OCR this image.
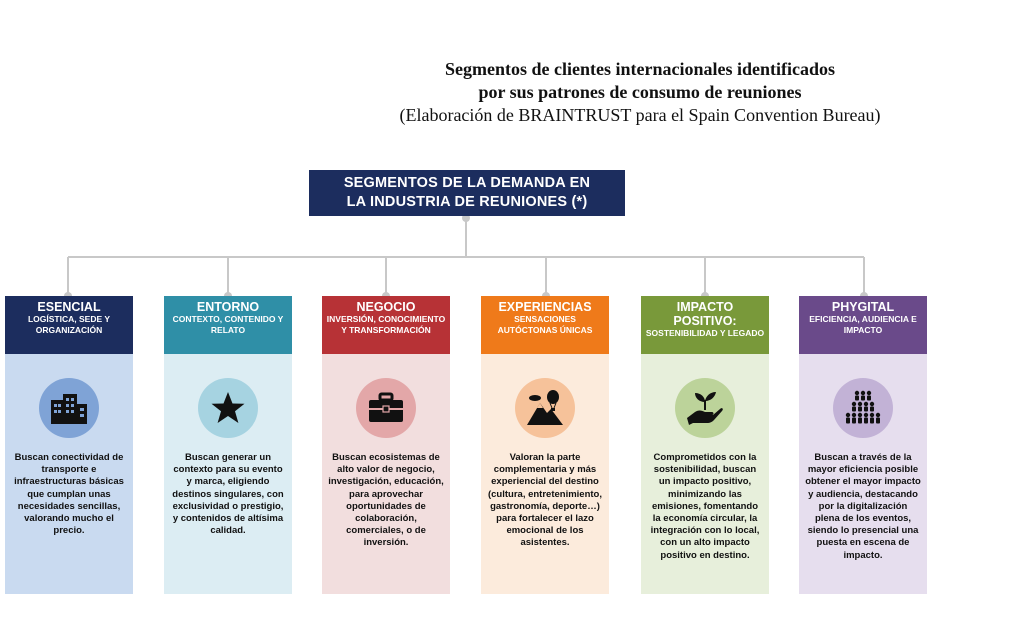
Segmentos de clientes internacionales identificados
por sus patrones de consumo de reuniones
(Elaboración de BRAINTRUST para el Spain Convention Bureau)
SEGMENTOS DE LA DEMANDA EN
LA INDUSTRIA DE REUNIONES (*)
ESENCIAL
LOGÍSTICA, SEDE Y ORGANIZACIÓN
Buscan conectividad de transporte e infraestructuras básicas que cumplan unas necesidades sencillas, valorando mucho el precio.
ENTORNO
CONTEXTO, CONTENIDO Y RELATO
Buscan generar un contexto para su evento y marca, eligiendo destinos singulares, con exclusividad o prestigio, y contenidos de altísima calidad.
NEGOCIO
INVERSIÓN, CONOCIMIENTO Y TRANSFORMACIÓN
Buscan ecosistemas de alto valor de negocio, investigación, educación, para aprovechar oportunidades de colaboración, comerciales, o de inversión.
EXPERIENCIAS
SENSACIONES AUTÓCTONAS ÚNICAS
Valoran la parte complementaria y más experiencial del destino (cultura, entretenimiento, gastronomía, deporte…) para fortalecer el lazo emocional de los asistentes.
IMPACTO POSITIVO:
SOSTENIBILIDAD Y LEGADO
Comprometidos con la sostenibilidad, buscan un impacto positivo, minimizando las emisiones, fomentando la economía circular, la integración con lo local, con un alto impacto positivo en destino.
PHYGITAL
EFICIENCIA, AUDIENCIA E IMPACTO
Buscan a través de la mayor eficiencia posible obtener el mayor impacto y audiencia, destacando por la digitalización plena de los eventos, siendo lo presencial una puesta en escena de impacto.
